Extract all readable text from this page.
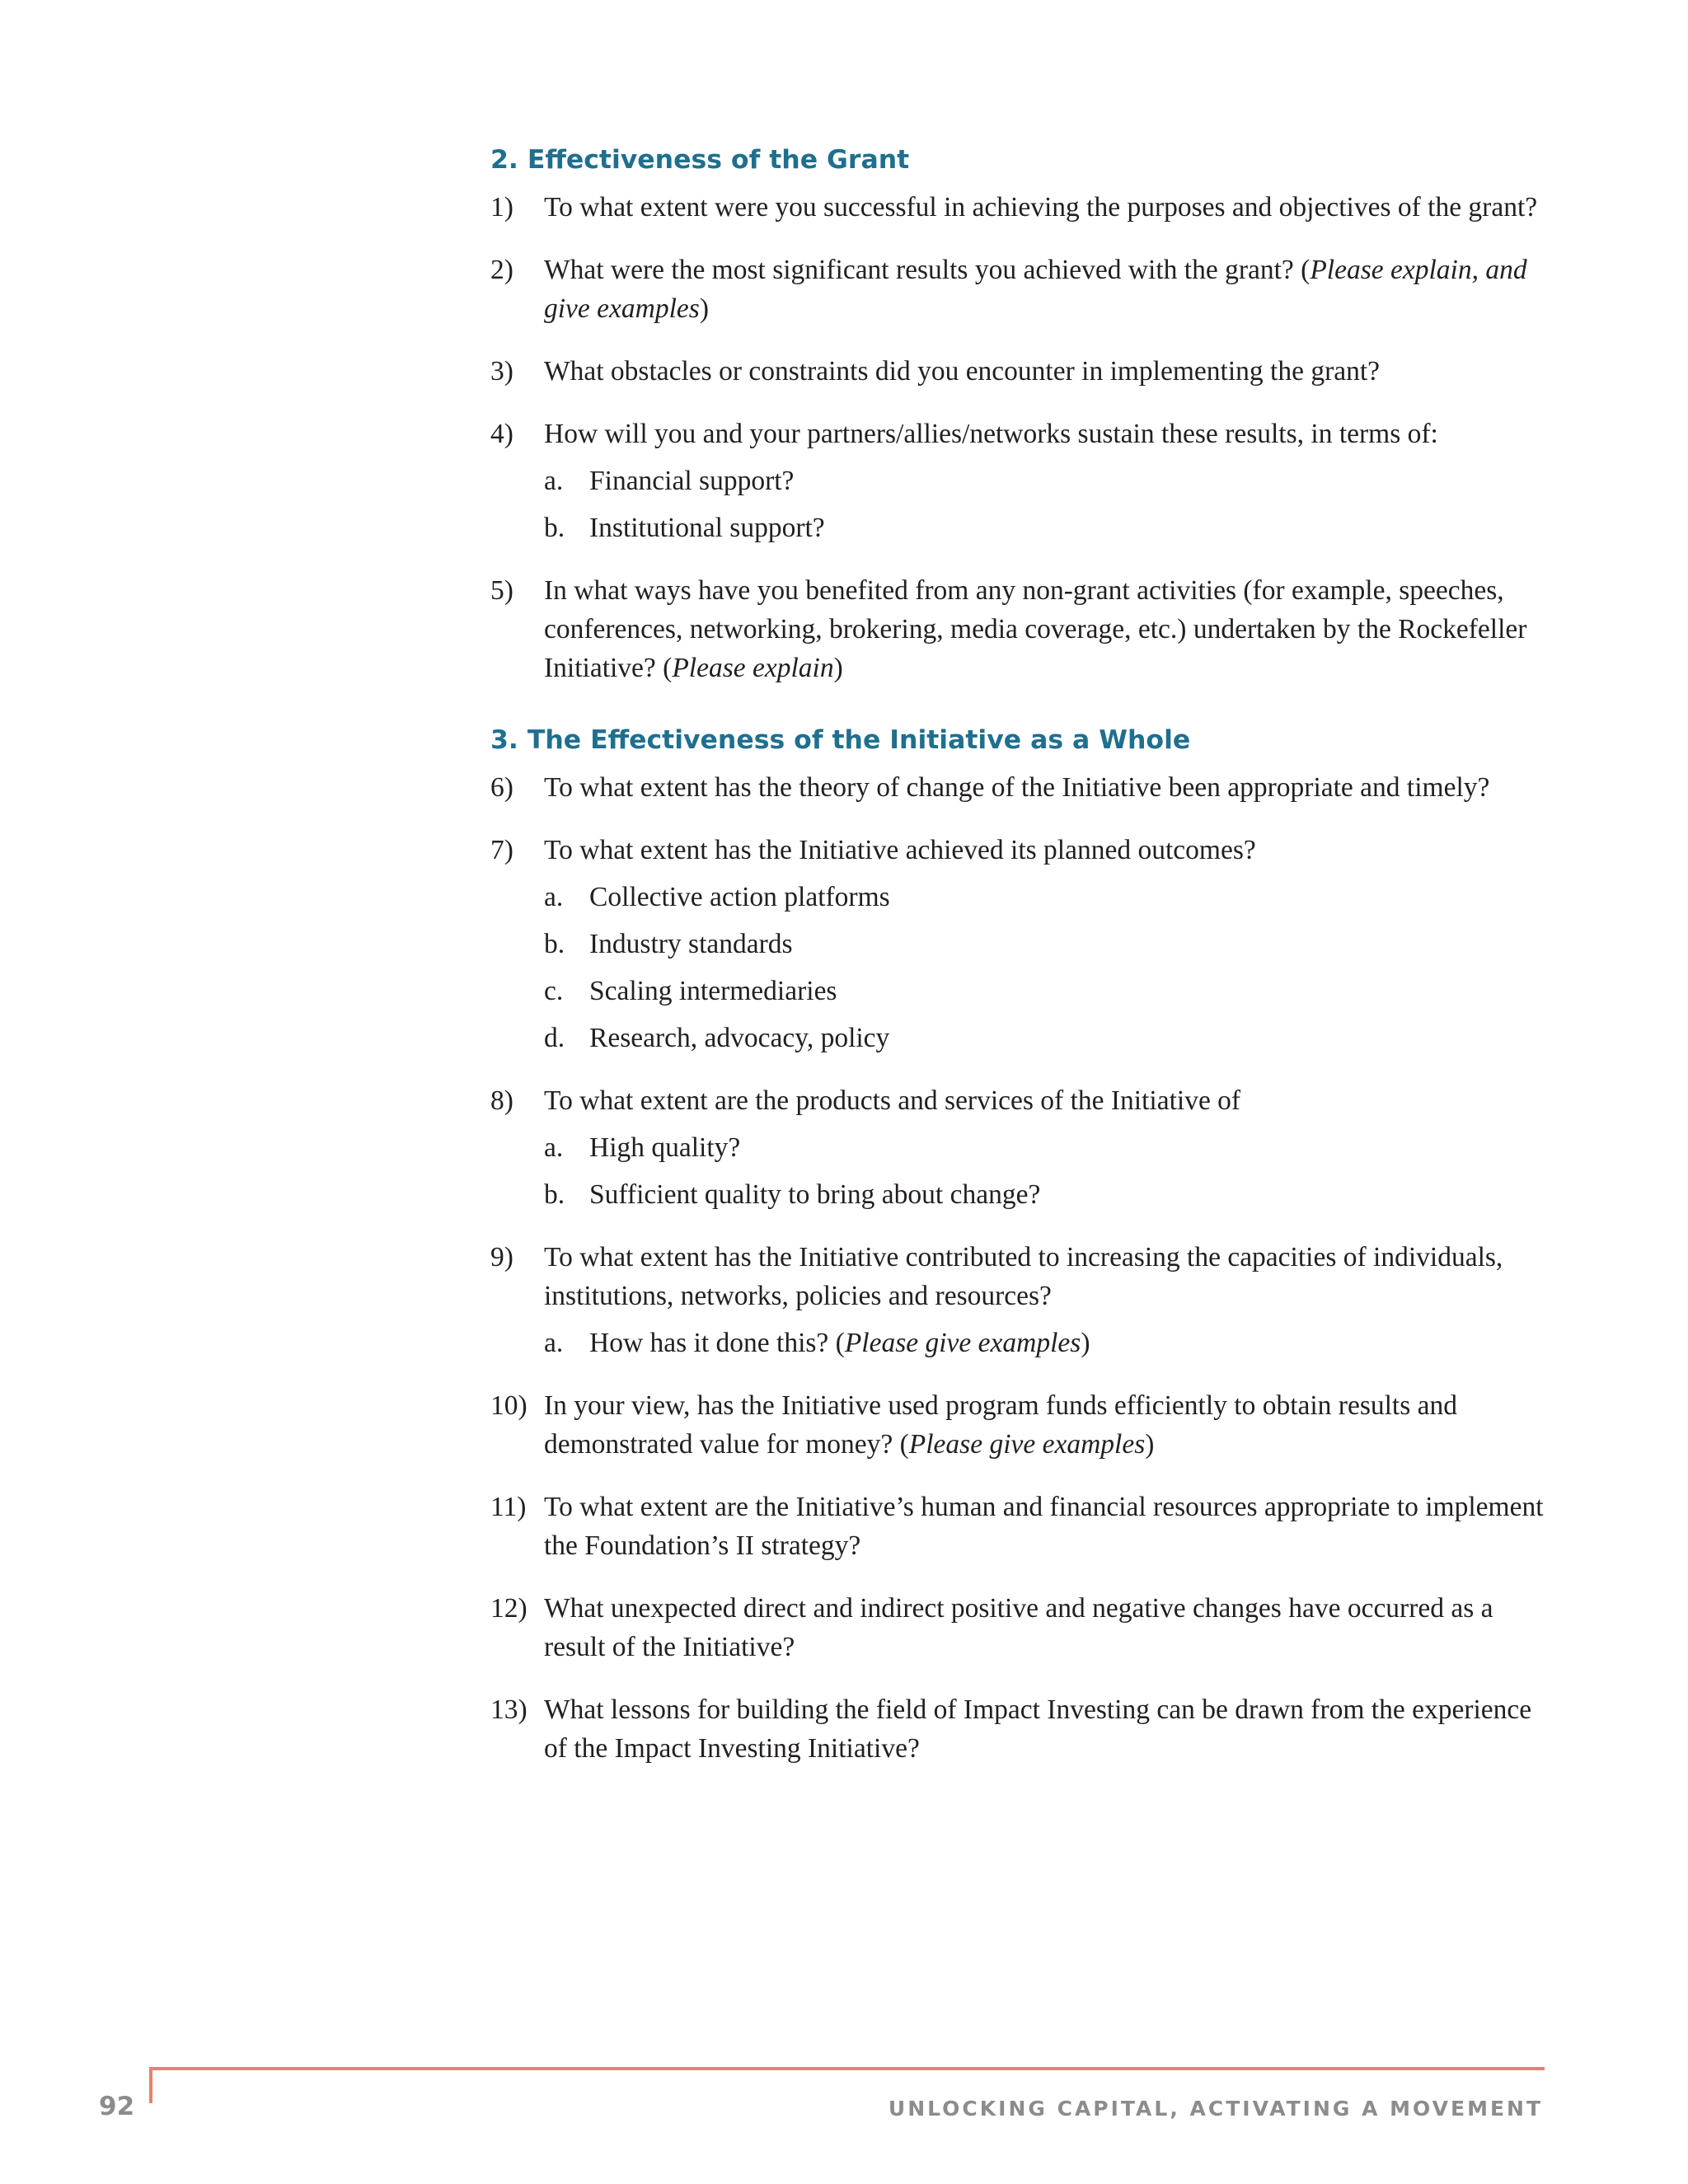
2. Effectiveness of the Grant
1) To what extent were you successful in achieving the purposes and objectives of the grant?
2) What were the most significant results you achieved with the grant? (Please explain, and give examples)
3) What obstacles or constraints did you encounter in implementing the grant?
4) How will you and your partners/allies/networks sustain these results, in terms of:
a. Financial support?
b. Institutional support?
5) In what ways have you benefited from any non-grant activities (for example, speeches, conferences, networking, brokering, media coverage, etc.) undertaken by the Rockefeller Initiative? (Please explain)
3. The Effectiveness of the Initiative as a Whole
6) To what extent has the theory of change of the Initiative been appropriate and timely?
7) To what extent has the Initiative achieved its planned outcomes?
a. Collective action platforms
b. Industry standards
c. Scaling intermediaries
d. Research, advocacy, policy
8) To what extent are the products and services of the Initiative of
a. High quality?
b. Sufficient quality to bring about change?
9) To what extent has the Initiative contributed to increasing the capacities of individuals, institutions, networks, policies and resources?
a. How has it done this? (Please give examples)
10) In your view, has the Initiative used program funds efficiently to obtain results and demonstrated value for money? (Please give examples)
11) To what extent are the Initiative’s human and financial resources appropriate to implement the Foundation’s II strategy?
12) What unexpected direct and indirect positive and negative changes have occurred as a result of the Initiative?
13) What lessons for building the field of Impact Investing can be drawn from the experience of the Impact Investing Initiative?
92	UNLOCKING CAPITAL, ACTIVATING A MOVEMENT
